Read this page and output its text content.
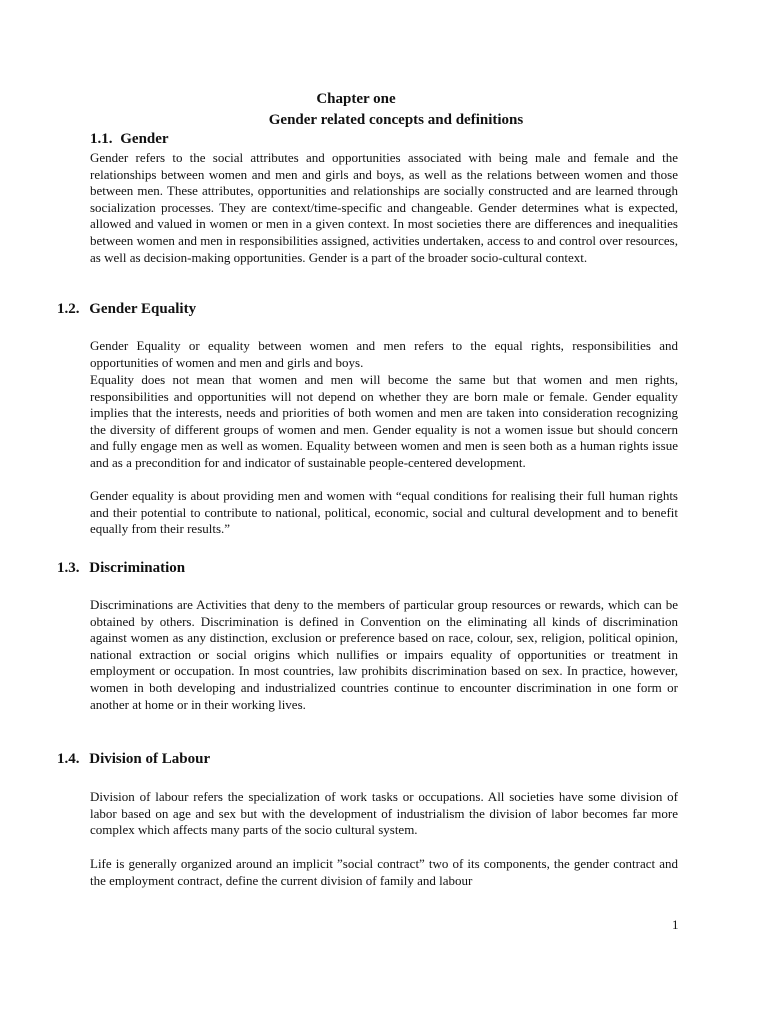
Chapter one

Gender related concepts and definitions

1.1. Gender

Gender refers to the social attributes and opportunities associated with being male and female and the relationships between women and men and girls and boys, as well as the relations between women and those between men. These attributes, opportunities and relationships are socially constructed and are learned through socialization processes. They are context/time-specific and changeable. Gender determines what is expected, allowed and valued in women or men in a given context. In most societies there are differences and inequalities between women and men in responsibilities assigned, activities undertaken, access to and control over resources, as well as decision-making opportunities. Gender is a part of the broader socio-cultural context.

1.2. Gender Equality

Gender Equality or equality between women and men refers to the equal rights, responsibilities and opportunities of women and men and girls and boys.

Equality does not mean that women and men will become the same but that women and men rights, responsibilities and opportunities will not depend on whether they are born male or female. Gender equality implies that the interests, needs and priorities of both women and men are taken into consideration recognizing the diversity of different groups of women and men. Gender equality is not a women issue but should concern and fully engage men as well as women. Equality between women and men is seen both as a human rights issue and as a precondition for and indicator of sustainable people-centered development.

Gender equality is about providing men and women with “equal conditions for realising their full human rights and their potential to contribute to national, political, economic, social and cultural development and to benefit equally from their results.”

1.3. Discrimination

Discriminations are Activities that deny to the members of particular group resources or rewards, which can be obtained by others. Discrimination is defined in Convention on the eliminating all kinds of discrimination against women as any distinction, exclusion or preference based on race, colour, sex, religion, political opinion, national extraction or social origins which nullifies or impairs equality of opportunities or treatment in employment or occupation. In most countries, law prohibits discrimination based on sex. In practice, however, women in both developing and industrialized countries continue to encounter discrimination in one form or another at home or in their working lives.

1.4. Division of Labour

Division of labour refers the specialization of work tasks or occupations. All societies have some division of labor based on age and sex but with the development of industrialism the division of labor becomes far more complex which affects many parts of the socio cultural system.

Life is generally organized around an implicit ”social contract” two of its components, the gender contract and the employment contract, define the current division of family and labour

1
